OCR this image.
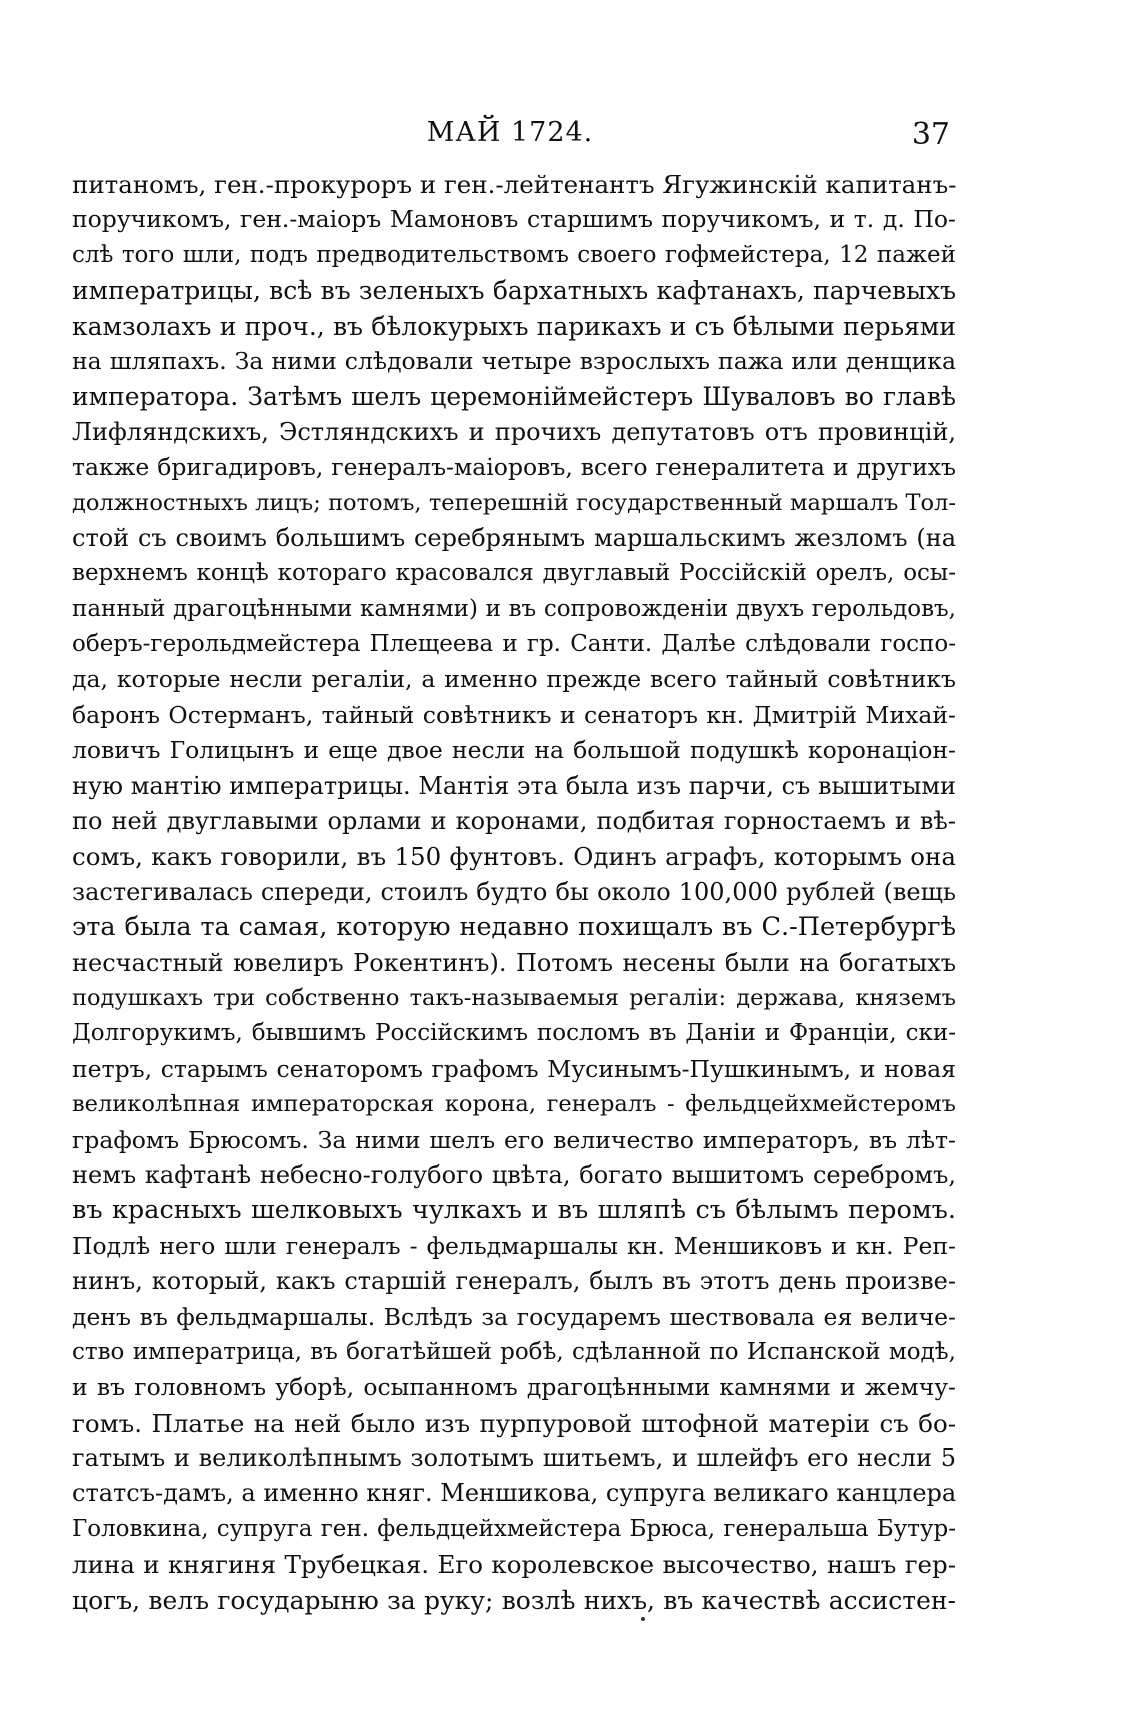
МАЙ 1724.	37
питаномъ, ген.-прокуроръ и ген.-лейтенантъ Ягужинскій капитанъ-
поручикомъ, ген.-маіоръ Мамоновъ старшимъ поручикомъ, и т. д. По-
слѣ того шли, подъ предводительствомъ своего гофмейстера, 12 пажей
императрицы, всѣ въ зеленыхъ бархатныхъ кафтанахъ, парчевыхъ
камзолахъ и проч., въ бѣлокурыхъ парикахъ и съ бѣлыми перьями
на шляпахъ. За ними слѣдовали четыре взрослыхъ пажа или денщика
императора. Затѣмъ шелъ церемоніймейстеръ Шуваловъ во главѣ
Лифляндскихъ, Эстляндскихъ и прочихъ депутатовъ отъ провинцій,
также бригадировъ, генералъ-маіоровъ, всего генералитета и другихъ
должностныхъ лицъ; потомъ, теперешній государственный маршалъ Тол-
стой съ своимъ большимъ серебрянымъ маршальскимъ жезломъ (на
верхнемъ концѣ котораго красовался двуглавый Россійскій орелъ, осы-
панный драгоцѣнными камнями) и въ сопровожденіи двухъ герольдовъ,
оберъ-герольдмейстера Плещеева и гр. Санти. Далѣе слѣдовали госпо-
да, которые несли регаліи, а именно прежде всего тайный совѣтникъ
баронъ Остерманъ, тайный совѣтникъ и сенаторъ кн. Дмитрій Михай-
ловичъ Голицынъ и еще двое несли на большой подушкѣ коронаціон-
ную мантію императрицы. Мантія эта была изъ парчи, съ вышитыми
по ней двуглавыми орлами и коронами, подбитая горностаемъ и вѣ-
сомъ, какъ говорили, въ 150 фунтовъ. Одинъ аграфъ, которымъ она
застегивалась спереди, стоилъ будто бы около 100,000 рублей (вещь
эта была та самая, которую недавно похищалъ въ С.-Петербургѣ
несчастный ювелиръ Рокентинъ). Потомъ несены были на богатыхъ
подушкахъ три собственно такъ-называемыя регаліи: держава, княземъ
Долгорукимъ, бывшимъ Россійскимъ посломъ въ Даніи и Франціи, ски-
петръ, старымъ сенаторомъ графомъ Мусинымъ-Пушкинымъ, и новая
великолѣпная императорская корона, генералъ - фельдцейхмейстеромъ
графомъ Брюсомъ. За ними шелъ его величество императоръ, въ лѣт-
немъ кафтанѣ небесно-голубого цвѣта, богато вышитомъ серебромъ,
въ красныхъ шелковыхъ чулкахъ и въ шляпѣ съ бѣлымъ перомъ.
Подлѣ него шли генералъ - фельдмаршалы кн. Меншиковъ и кн. Реп-
нинъ, который, какъ старшій генералъ, былъ въ этотъ день произве-
денъ въ фельдмаршалы. Вслѣдъ за государемъ шествовала ея величе-
ство императрица, въ богатѣйшей робѣ, сдѣланной по Испанской модѣ,
и въ головномъ уборѣ, осыпанномъ драгоцѣнными камнями и жемчу-
гомъ. Платье на ней было изъ пурпуровой штофной матеріи съ бо-
гатымъ и великолѣпнымъ золотымъ шитьемъ, и шлейфъ его несли 5
статсъ-дамъ, а именно княг. Меншикова, супруга великаго канцлера
Головкина, супруга ген. фельдцейхмейстера Брюса, генеральша Бутур-
лина и княгиня Трубецкая. Его королевское высочество, нашъ гер-
цогъ, велъ государыню за руку; возлѣ нихъ, въ качествѣ ассистен-
